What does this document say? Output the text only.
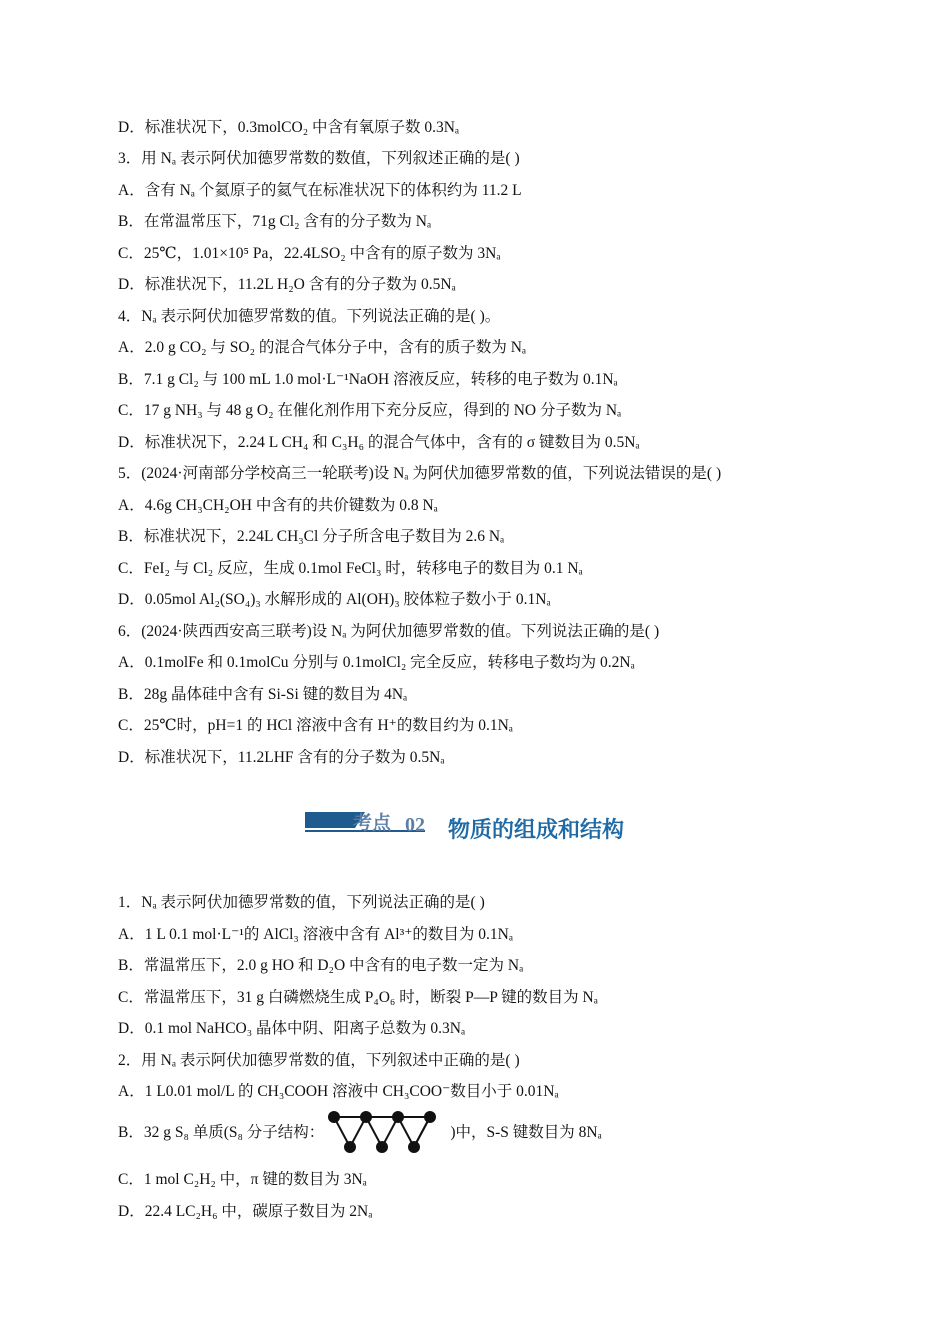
D．标准状况下，0.3molCO₂ 中含有氧原子数 0.3Nₐ
3．用 Nₐ 表示阿伏加德罗常数的数值，下列叙述正确的是( )
A．含有 Nₐ 个氦原子的氦气在标准状况下的体积约为 11.2 L
B．在常温常压下，71g Cl₂ 含有的分子数为 Nₐ
C．25℃，1.01×10⁵ Pa，22.4LSO₂ 中含有的原子数为 3Nₐ
D．标准状况下，11.2L H₂O 含有的分子数为 0.5Nₐ
4．Nₐ 表示阿伏加德罗常数的值。下列说法正确的是( )。
A．2.0 g CO₂ 与 SO₂ 的混合气体分子中，含有的质子数为 Nₐ
B．7.1 g Cl₂ 与 100 mL 1.0 mol·L⁻¹NaOH 溶液反应，转移的电子数为 0.1Nₐ
C．17 g NH₃ 与 48 g O₂ 在催化剂作用下充分反应，得到的 NO 分子数为 Nₐ
D．标准状况下，2.24 L CH₄ 和 C₃H₆ 的混合气体中，含有的 σ 键数目为 0.5Nₐ
5．(2024·河南部分学校高三一轮联考)设 Nₐ 为阿伏加德罗常数的值，下列说法错误的是( )
A．4.6g CH₃CH₂OH 中含有的共价键数为 0.8 Nₐ
B．标准状况下，2.24L CH₃Cl 分子所含电子数目为 2.6 Nₐ
C．FeI₂ 与 Cl₂ 反应，生成 0.1mol FeCl₃ 时，转移电子的数目为 0.1 Nₐ
D．0.05mol Al₂(SO₄)₃ 水解形成的 Al(OH)₃ 胶体粒子数小于 0.1Nₐ
6．(2024·陕西西安高三联考)设 Nₐ 为阿伏加德罗常数的值。下列说法正确的是( )
A．0.1molFe 和 0.1molCu 分别与 0.1molCl₂ 完全反应，转移电子数均为 0.2Nₐ
B．28g 晶体硅中含有 Si-Si 键的数目为 4Nₐ
C．25℃时，pH=1 的 HCl 溶液中含有 H⁺的数目约为 0.1Nₐ
D．标准状况下，11.2LHF 含有的分子数为 0.5Nₐ
考点 02 物质的组成和结构
1．Nₐ 表示阿伏加德罗常数的值，下列说法正确的是( )
A．1 L 0.1 mol·L⁻¹的 AlCl₃ 溶液中含有 Al³⁺的数目为 0.1Nₐ
B．常温常压下，2.0 g HO 和 D₂O 中含有的电子数一定为 Nₐ
C．常温常压下，31 g 白磷燃烧生成 P₄O₆ 时，断裂 P—P 键的数目为 Nₐ
D．0.1 mol NaHCO₃ 晶体中阴、阳离子总数为 0.3Nₐ
2．用 Nₐ 表示阿伏加德罗常数的值，下列叙述中正确的是( )
A．1 L0.01 mol/L 的 CH₃COOH 溶液中 CH₃COO⁻数目小于 0.01Nₐ
B．32 g S₈ 单质(S₈ 分子结构：	)中，S-S 键数目为 8Nₐ
C．1 mol C₂H₂ 中，π 键的数目为 3Nₐ
D．22.4 LC₂H₆ 中，碳原子数目为 2Nₐ
